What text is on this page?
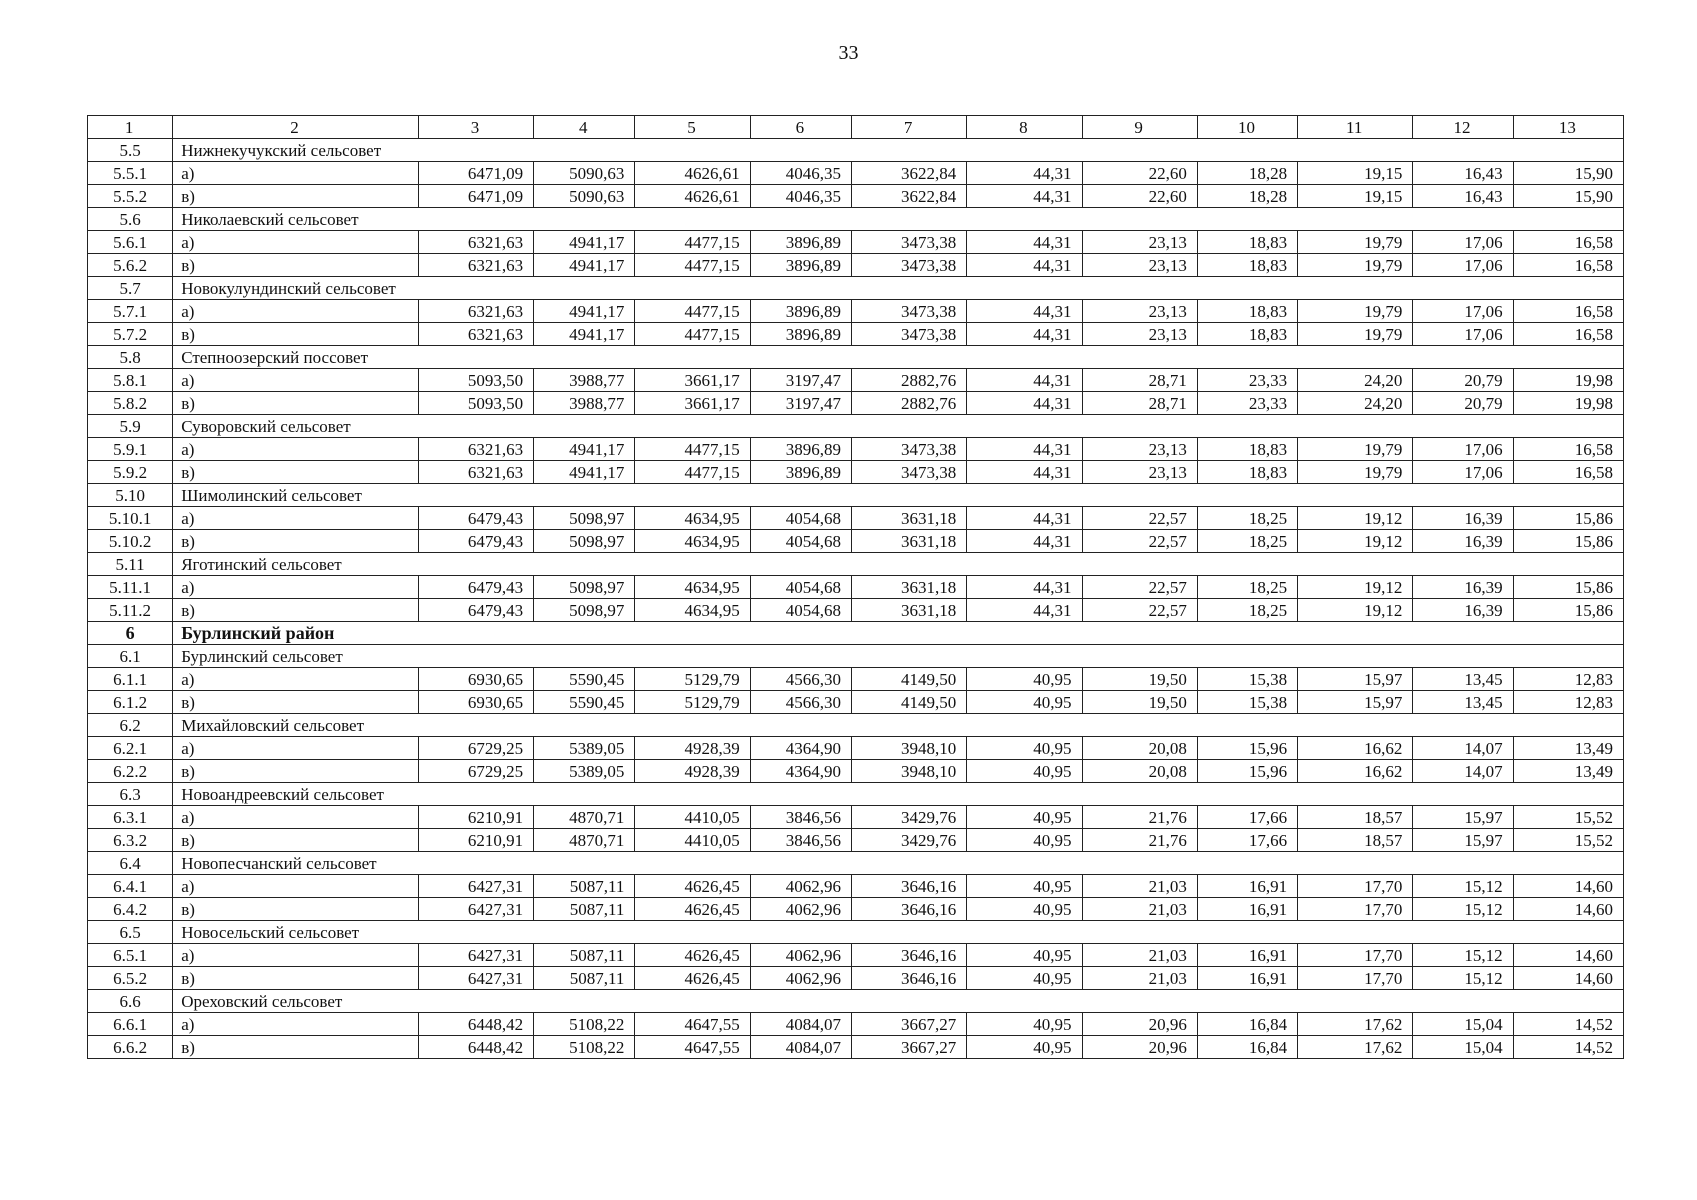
33
1	2	3	4	5	6	7	8	9	10	11	12	13
5.5	Нижнекучукский сельсовет											
5.5.1	а)	6471,09	5090,63	4626,61	4046,35	3622,84	44,31	22,60	18,28	19,15	16,43	15,90
5.5.2	в)	6471,09	5090,63	4626,61	4046,35	3622,84	44,31	22,60	18,28	19,15	16,43	15,90
5.6	Николаевский сельсовет											
5.6.1	а)	6321,63	4941,17	4477,15	3896,89	3473,38	44,31	23,13	18,83	19,79	17,06	16,58
5.6.2	в)	6321,63	4941,17	4477,15	3896,89	3473,38	44,31	23,13	18,83	19,79	17,06	16,58
5.7	Новокулундинский сельсовет											
5.7.1	а)	6321,63	4941,17	4477,15	3896,89	3473,38	44,31	23,13	18,83	19,79	17,06	16,58
5.7.2	в)	6321,63	4941,17	4477,15	3896,89	3473,38	44,31	23,13	18,83	19,79	17,06	16,58
5.8	Степноозерский поссовет											
5.8.1	а)	5093,50	3988,77	3661,17	3197,47	2882,76	44,31	28,71	23,33	24,20	20,79	19,98
5.8.2	в)	5093,50	3988,77	3661,17	3197,47	2882,76	44,31	28,71	23,33	24,20	20,79	19,98
5.9	Суворовский сельсовет											
5.9.1	а)	6321,63	4941,17	4477,15	3896,89	3473,38	44,31	23,13	18,83	19,79	17,06	16,58
5.9.2	в)	6321,63	4941,17	4477,15	3896,89	3473,38	44,31	23,13	18,83	19,79	17,06	16,58
5.10	Шимолинский сельсовет											
5.10.1	а)	6479,43	5098,97	4634,95	4054,68	3631,18	44,31	22,57	18,25	19,12	16,39	15,86
5.10.2	в)	6479,43	5098,97	4634,95	4054,68	3631,18	44,31	22,57	18,25	19,12	16,39	15,86
5.11	Яготинский сельсовет											
5.11.1	а)	6479,43	5098,97	4634,95	4054,68	3631,18	44,31	22,57	18,25	19,12	16,39	15,86
5.11.2	в)	6479,43	5098,97	4634,95	4054,68	3631,18	44,31	22,57	18,25	19,12	16,39	15,86
6	Бурлинский район											
6.1	Бурлинский сельсовет											
6.1.1	а)	6930,65	5590,45	5129,79	4566,30	4149,50	40,95	19,50	15,38	15,97	13,45	12,83
6.1.2	в)	6930,65	5590,45	5129,79	4566,30	4149,50	40,95	19,50	15,38	15,97	13,45	12,83
6.2	Михайловский сельсовет											
6.2.1	а)	6729,25	5389,05	4928,39	4364,90	3948,10	40,95	20,08	15,96	16,62	14,07	13,49
6.2.2	в)	6729,25	5389,05	4928,39	4364,90	3948,10	40,95	20,08	15,96	16,62	14,07	13,49
6.3	Новоандреевский сельсовет											
6.3.1	а)	6210,91	4870,71	4410,05	3846,56	3429,76	40,95	21,76	17,66	18,57	15,97	15,52
6.3.2	в)	6210,91	4870,71	4410,05	3846,56	3429,76	40,95	21,76	17,66	18,57	15,97	15,52
6.4	Новопесчанский сельсовет											
6.4.1	а)	6427,31	5087,11	4626,45	4062,96	3646,16	40,95	21,03	16,91	17,70	15,12	14,60
6.4.2	в)	6427,31	5087,11	4626,45	4062,96	3646,16	40,95	21,03	16,91	17,70	15,12	14,60
6.5	Новосельский сельсовет											
6.5.1	а)	6427,31	5087,11	4626,45	4062,96	3646,16	40,95	21,03	16,91	17,70	15,12	14,60
6.5.2	в)	6427,31	5087,11	4626,45	4062,96	3646,16	40,95	21,03	16,91	17,70	15,12	14,60
6.6	Ореховский сельсовет											
6.6.1	а)	6448,42	5108,22	4647,55	4084,07	3667,27	40,95	20,96	16,84	17,62	15,04	14,52
6.6.2	в)	6448,42	5108,22	4647,55	4084,07	3667,27	40,95	20,96	16,84	17,62	15,04	14,52
